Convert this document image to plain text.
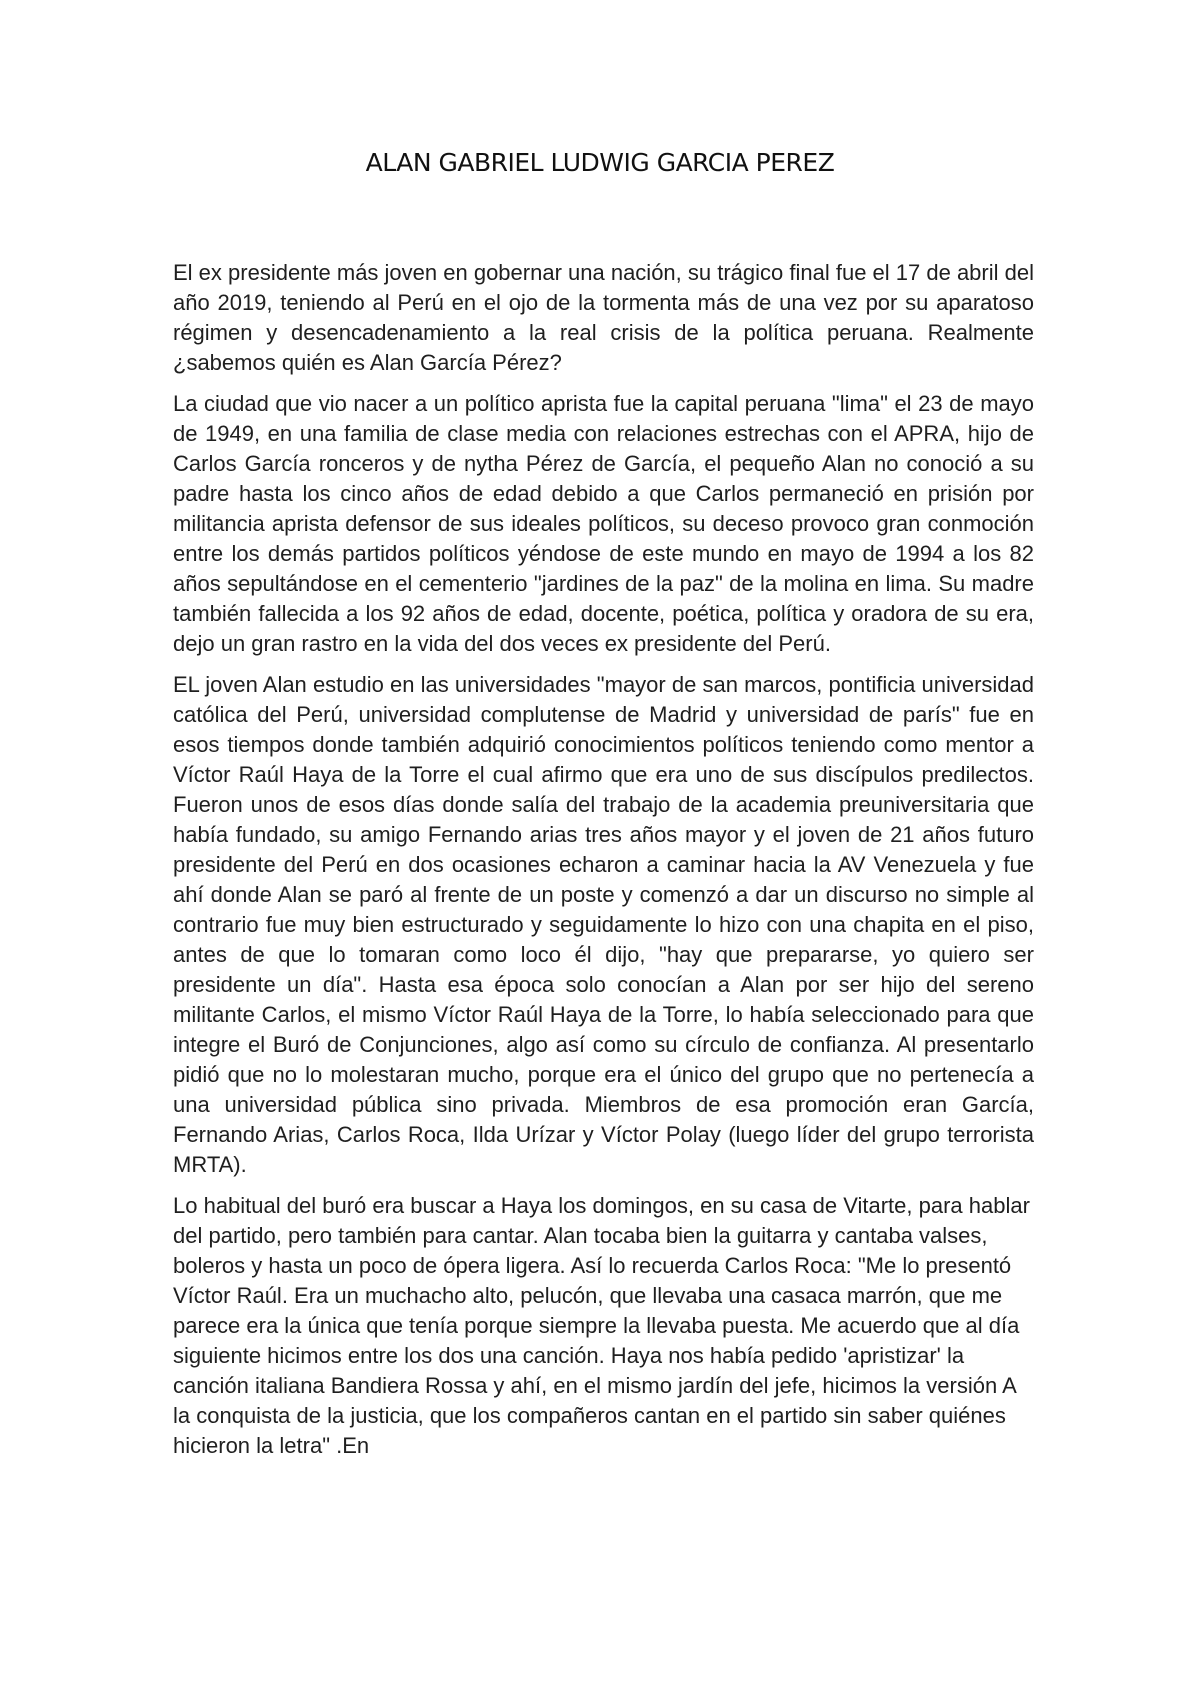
ALAN GABRIEL LUDWIG GARCIA PEREZ

El ex presidente más joven en gobernar una nación, su trágico final fue el 17 de abril del año 2019, teniendo al Perú en el ojo de la tormenta más de una vez por su aparatoso régimen y desencadenamiento a la real crisis de la política peruana. Realmente ¿sabemos quién es Alan García Pérez?

La ciudad que vio nacer a un político aprista fue la capital peruana "lima" el 23 de mayo de 1949, en una familia de clase media con relaciones estrechas con el APRA, hijo de Carlos García ronceros y de nytha Pérez de García, el pequeño Alan no conoció a su padre hasta los cinco años de edad debido a que Carlos permaneció en prisión por militancia aprista defensor de sus ideales políticos, su deceso provoco gran conmoción entre los demás partidos políticos yéndose de este mundo en mayo de 1994 a los 82 años sepultándose en el cementerio "jardines de la paz" de la molina en lima. Su madre también fallecida a los 92 años de edad, docente, poética, política y oradora de su era, dejo un gran rastro en la vida del dos veces ex presidente del Perú.

EL joven Alan estudio en las universidades "mayor de san marcos, pontificia universidad católica del Perú, universidad complutense de Madrid y universidad de parís" fue en esos tiempos donde también adquirió conocimientos políticos teniendo como mentor a Víctor Raúl Haya de la Torre el cual afirmo que era uno de sus discípulos predilectos. Fueron unos de esos días donde salía del trabajo de la academia preuniversitaria que había fundado, su amigo Fernando arias tres años mayor y el joven de 21 años futuro presidente del Perú en dos ocasiones echaron a caminar hacia la AV Venezuela y fue ahí donde Alan se paró al frente de un poste y comenzó a dar un discurso no simple al contrario fue muy bien estructurado y seguidamente lo hizo con una chapita en el piso, antes de que lo tomaran como loco él dijo, "hay que prepararse, yo quiero ser presidente un día". Hasta esa época solo conocían a Alan por ser hijo del sereno militante Carlos, el mismo Víctor Raúl Haya de la Torre, lo había seleccionado para que integre el Buró de Conjunciones, algo así como su círculo de confianza. Al presentarlo pidió que no lo molestaran mucho, porque era el único del grupo que no pertenecía a una universidad pública sino privada. Miembros de esa promoción eran García, Fernando Arias, Carlos Roca, Ilda Urízar y Víctor Polay (luego líder del grupo terrorista MRTA).

Lo habitual del buró era buscar a Haya los domingos, en su casa de Vitarte, para hablar del partido, pero también para cantar. Alan tocaba bien la guitarra y cantaba valses, boleros y hasta un poco de ópera ligera. Así lo recuerda Carlos Roca: "Me lo presentó Víctor Raúl. Era un muchacho alto, pelucón, que llevaba una casaca marrón, que me parece era la única que tenía porque siempre la llevaba puesta. Me acuerdo que al día siguiente hicimos entre los dos una canción. Haya nos había pedido 'apristizar' la canción italiana Bandiera Rossa y ahí, en el mismo jardín del jefe, hicimos la versión A la conquista de la justicia, que los compañeros cantan en el partido sin saber quiénes hicieron la letra" .En
